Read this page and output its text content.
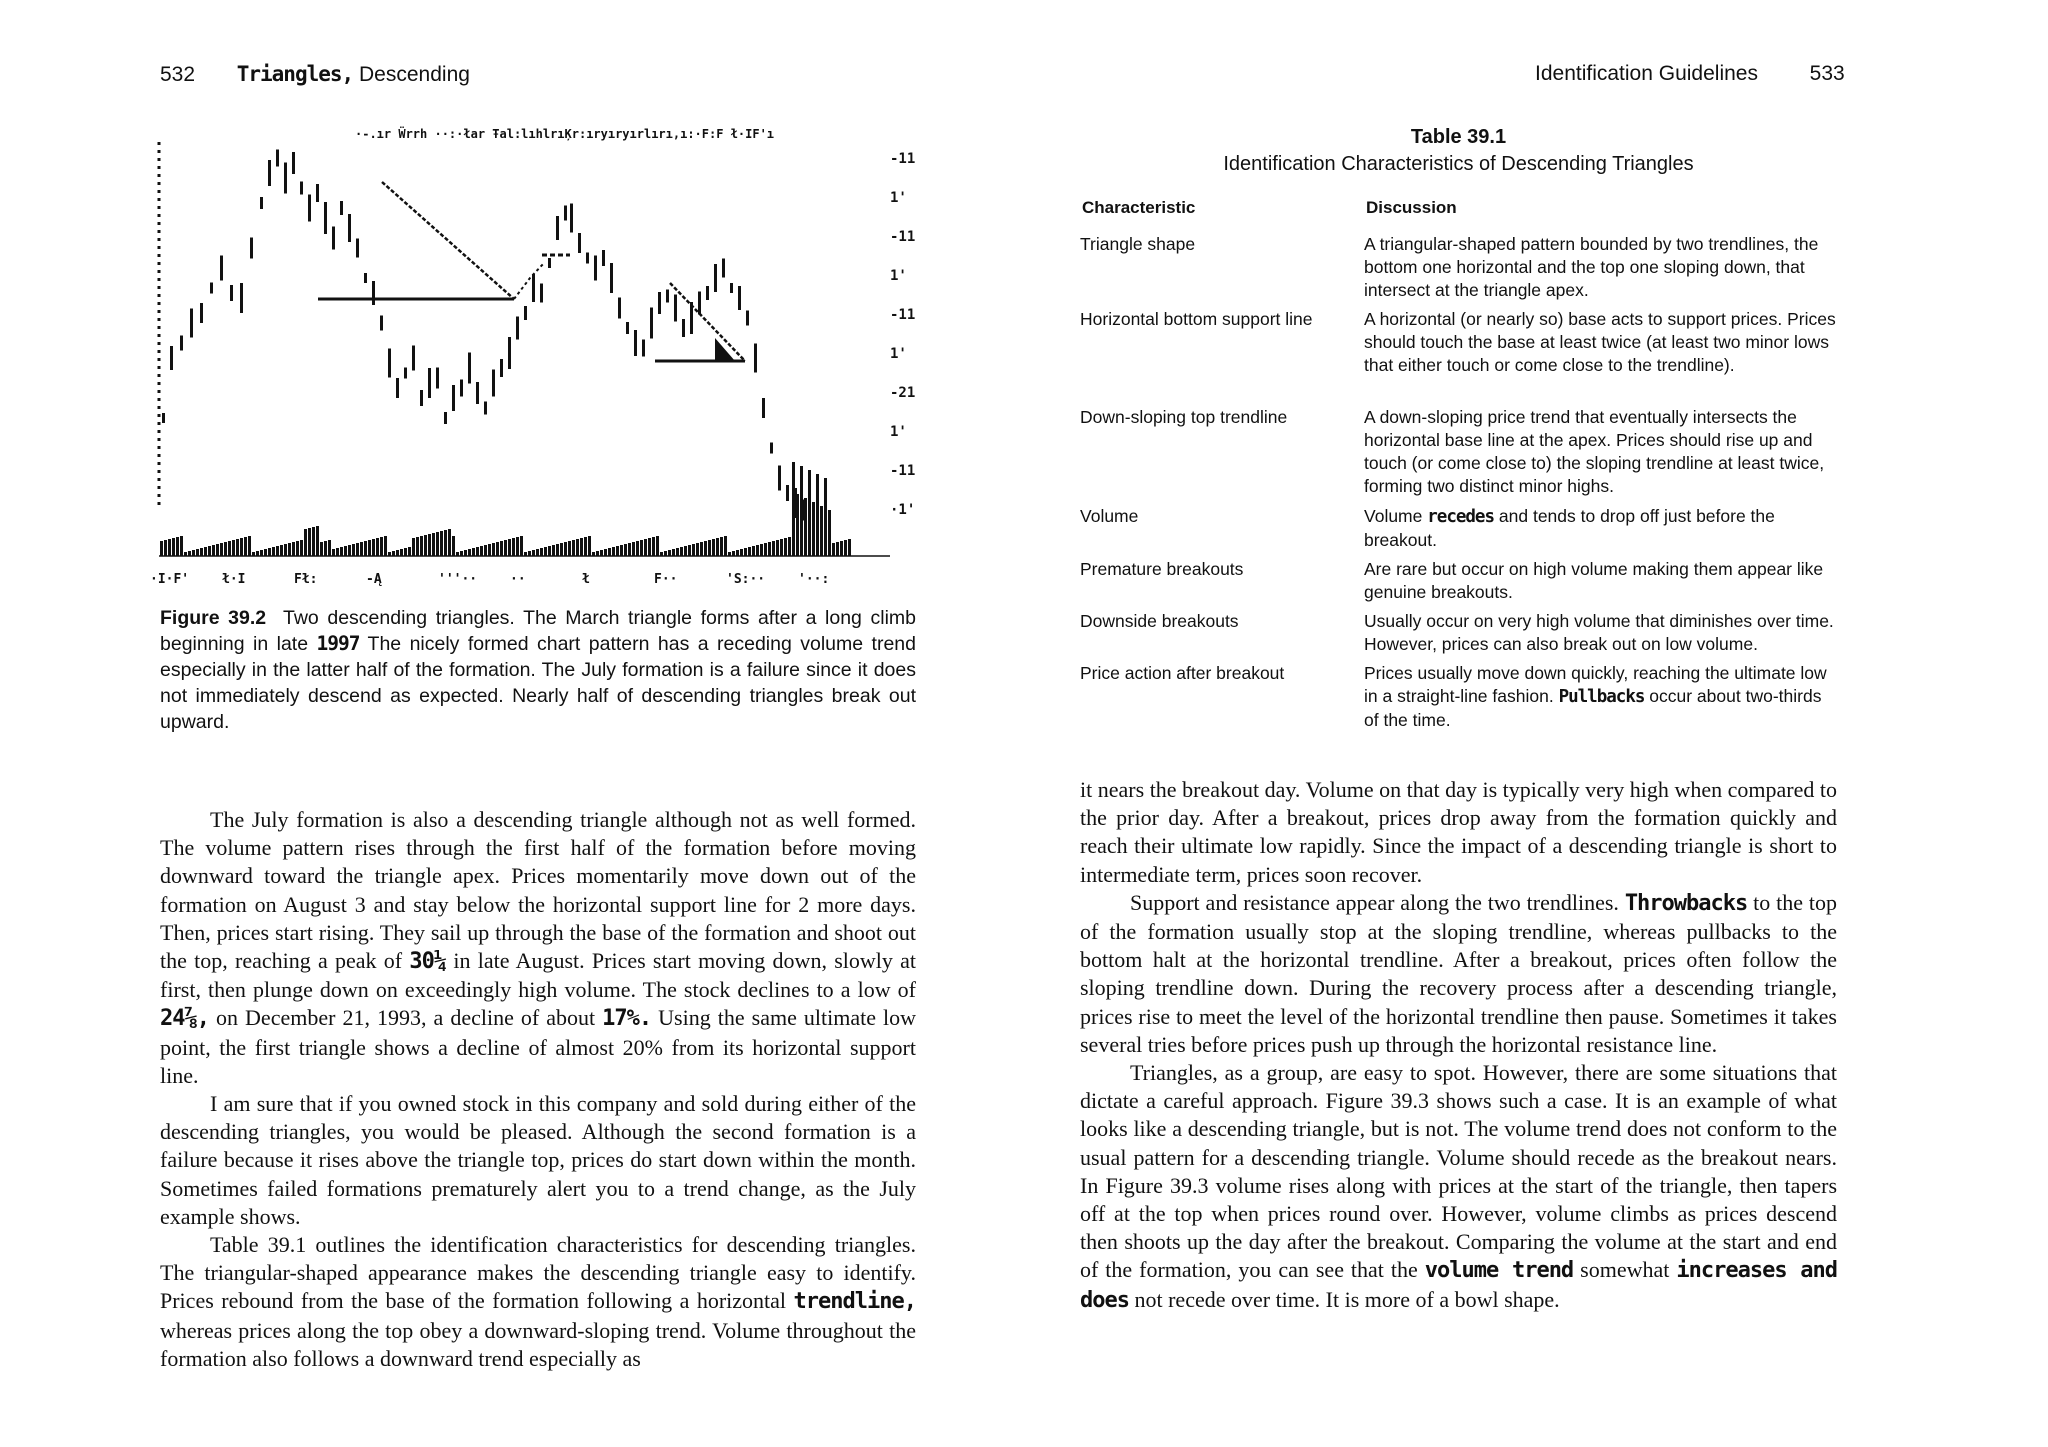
532 Triangles, Descending
·-.ır Ẅrrh ··:·łar Ŧal:lıhlrıĶr:ıryıryırlırı,ı:·F:F ł·IF'ı
-11
1'
-11
1'
-11
1'
-21
1'
-11
·1'
·I·F'	ł·I	Fł:	-Ą	'''··	··	ł	F··	'S:··	'··:
Figure 39.2 Two descending triangles. The March triangle forms after a long climb beginning in late 1997 The nicely formed chart pattern has a receding volume trend especially in the latter half of the formation. The July formation is a failure since it does not immediately descend as expected. Nearly half of descending triangles break out upward.

The July formation is also a descending triangle although not as well formed. The volume pattern rises through the first half of the formation before moving downward toward the triangle apex. Prices momentarily move down out of the formation on August 3 and stay below the horizontal support line for 2 more days. Then, prices start rising. They sail up through the base of the formation and shoot out the top, reaching a peak of 30¼ in late August. Prices start moving down, slowly at first, then plunge down on exceedingly high volume. The stock declines to a low of 24⅞, on December 21, 1993, a decline of about 17%. Using the same ultimate low point, the first triangle shows a decline of almost 20% from its horizontal support line.

I am sure that if you owned stock in this company and sold during either of the descending triangles, you would be pleased. Although the second formation is a failure because it rises above the triangle top, prices do start down within the month. Sometimes failed formations prematurely alert you to a trend change, as the July example shows.

Table 39.1 outlines the identification characteristics for descending triangles. The triangular-shaped appearance makes the descending triangle easy to identify. Prices rebound from the base of the formation following a horizontal trendline, whereas prices along the top obey a downward-sloping trend. Volume throughout the formation also follows a downward trend especially as

Identification Guidelines 533
Table 39.1
Identification Characteristics of Descending Triangles
Characteristic	Discussion
Triangle shape	A triangular-shaped pattern bounded by two trendlines, the bottom one horizontal and the top one sloping down, that intersect at the triangle apex.
Horizontal bottom support line	A horizontal (or nearly so) base acts to support prices. Prices should touch the base at least twice (at least two minor lows that either touch or come close to the trendline).
Down-sloping top trendline	A down-sloping price trend that eventually intersects the horizontal base line at the apex. Prices should rise up and touch (or come close to) the sloping trendline at least twice, forming two distinct minor highs.
Volume	Volume recedes and tends to drop off just before the breakout.
Premature breakouts	Are rare but occur on high volume making them appear like genuine breakouts.
Downside breakouts	Usually occur on very high volume that diminishes over time. However, prices can also break out on low volume.
Price action after breakout	Prices usually move down quickly, reaching the ultimate low in a straight-line fashion. Pullbacks occur about two-thirds of the time.

it nears the breakout day. Volume on that day is typically very high when compared to the prior day. After a breakout, prices drop away from the formation quickly and reach their ultimate low rapidly. Since the impact of a descending triangle is short to intermediate term, prices soon recover.

Support and resistance appear along the two trendlines. Throwbacks to the top of the formation usually stop at the sloping trendline, whereas pullbacks to the bottom halt at the horizontal trendline. After a breakout, prices often follow the sloping trendline down. During the recovery process after a descending triangle, prices rise to meet the level of the horizontal trendline then pause. Sometimes it takes several tries before prices push up through the horizontal resistance line.

Triangles, as a group, are easy to spot. However, there are some situations that dictate a careful approach. Figure 39.3 shows such a case. It is an example of what looks like a descending triangle, but is not. The volume trend does not conform to the usual pattern for a descending triangle. Volume should recede as the breakout nears. In Figure 39.3 volume rises along with prices at the start of the triangle, then tapers off at the top when prices round over. However, volume climbs as prices descend then shoots up the day after the breakout. Comparing the volume at the start and end of the formation, you can see that the volume trend somewhat increases and does not recede over time. It is more of a bowl shape.
